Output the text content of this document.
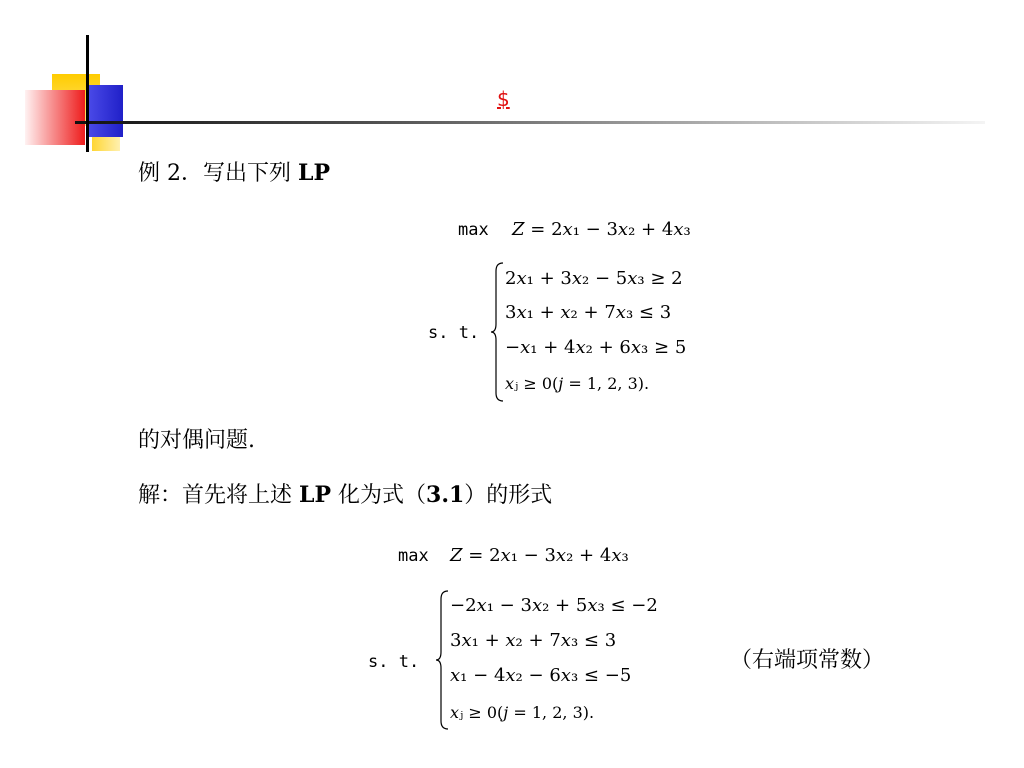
$
例 2．写出下列 LP
max Z = 2x₁ − 3x₂ + 4x₃
s. t.
2x₁ + 3x₂ − 5x₃ ≥ 2
3x₁ + x₂ + 7x₃ ≤ 3
−x₁ + 4x₂ + 6x₃ ≥ 5
xⱼ ≥ 0(j = 1, 2, 3).
的对偶问题.
解：首先将上述 LP 化为式（3.1）的形式
max Z = 2x₁ − 3x₂ + 4x₃
s. t.
−2x₁ − 3x₂ + 5x₃ ≤ −2
3x₁ + x₂ + 7x₃ ≤ 3
x₁ − 4x₂ − 6x₃ ≤ −5
xⱼ ≥ 0(j = 1, 2, 3).
（右端项常数）
